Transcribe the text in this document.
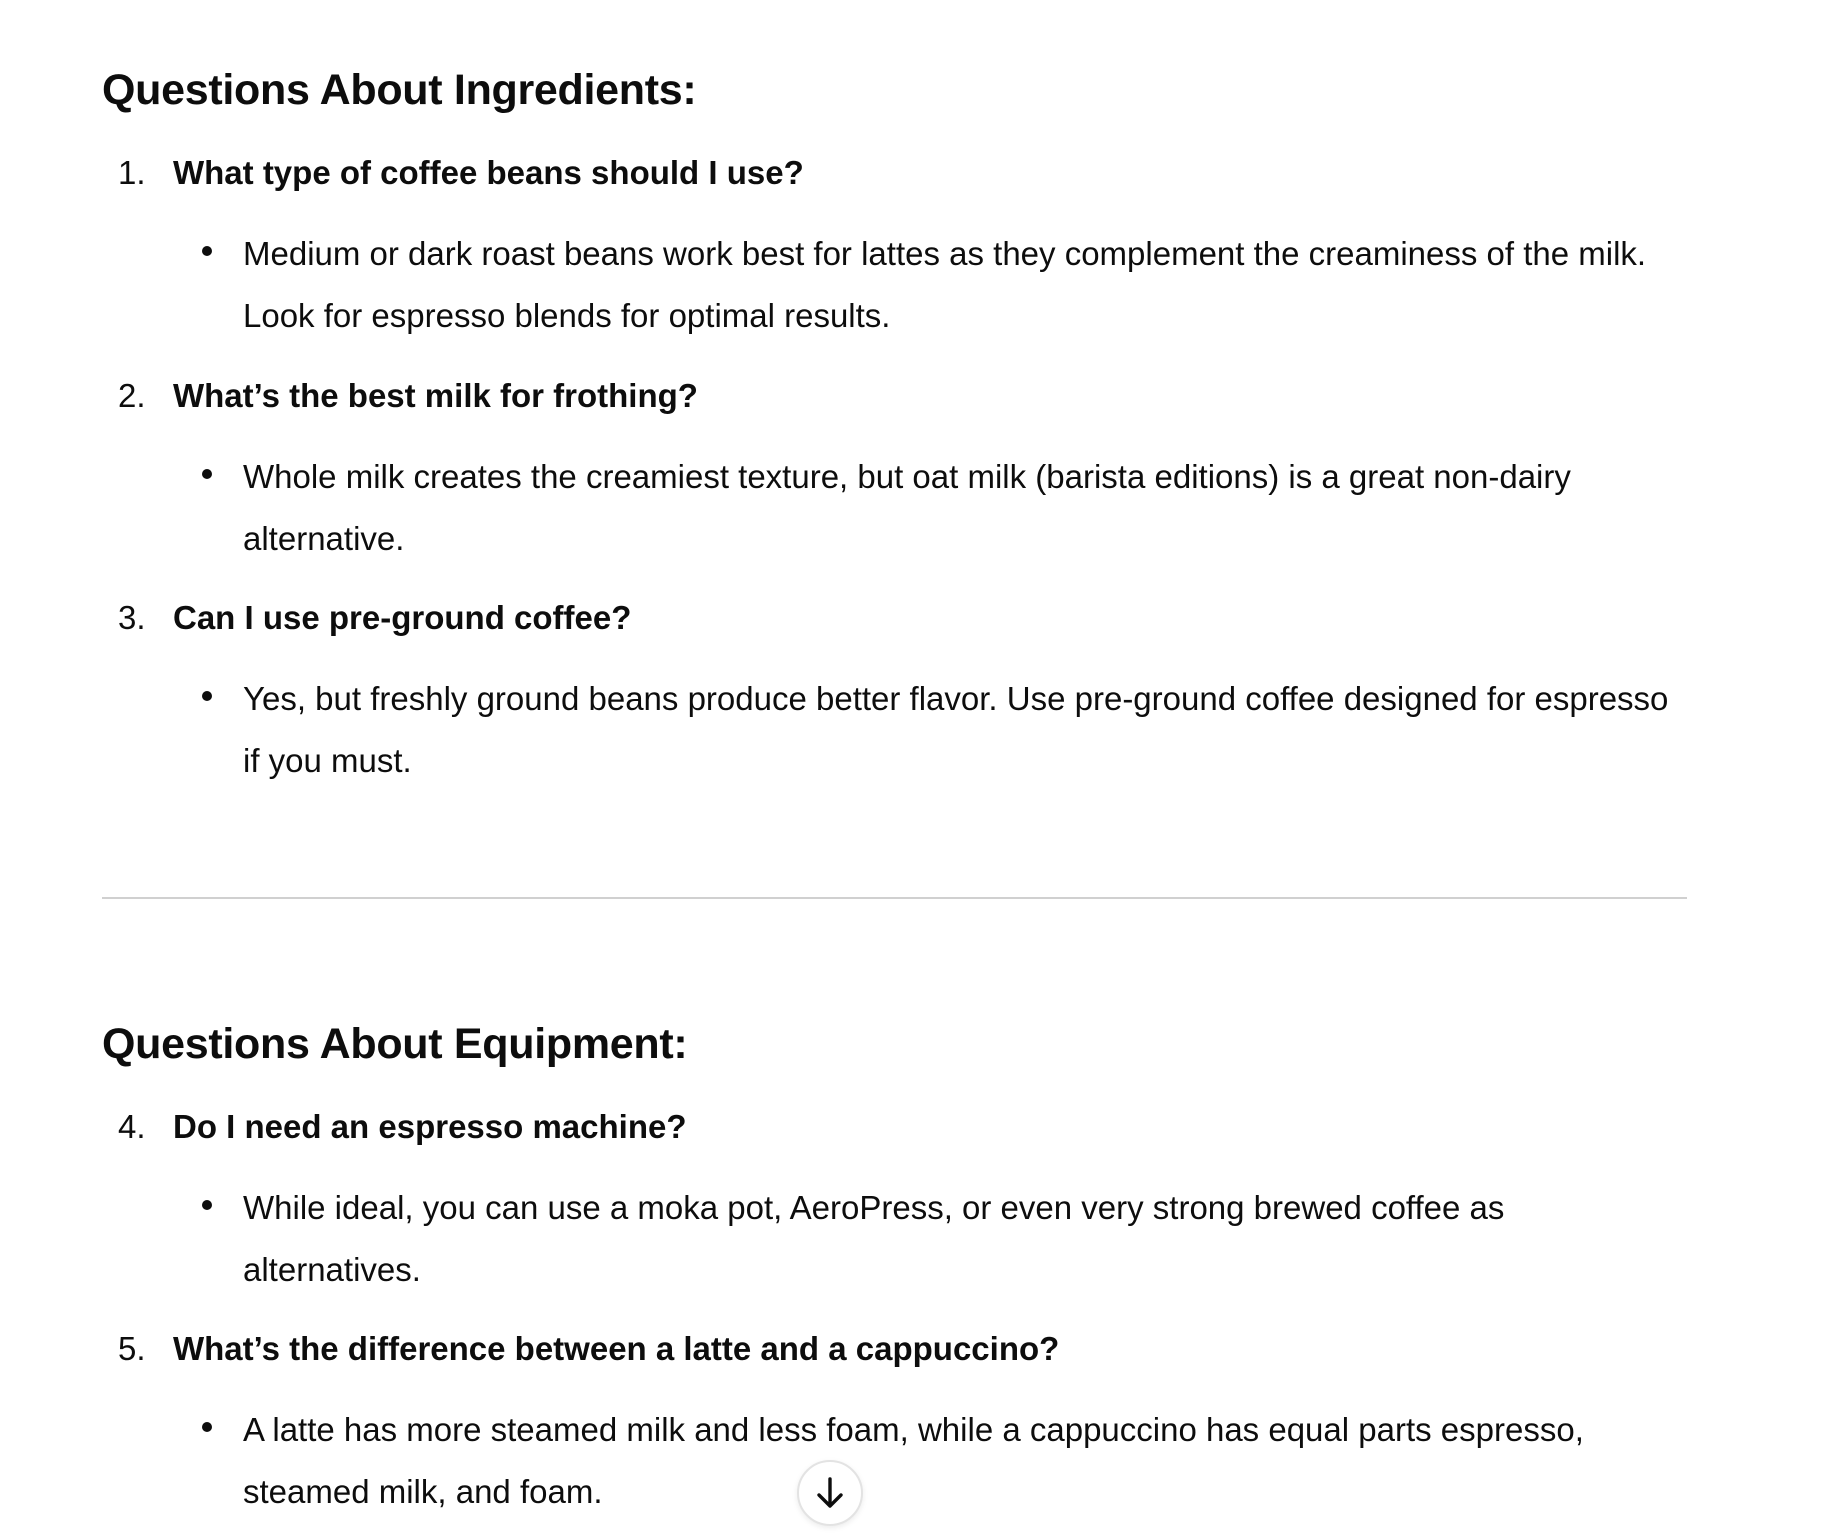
Questions About Ingredients:
1. What type of coffee beans should I use?
Medium or dark roast beans work best for lattes as they complement the creaminess of the milk. Look for espresso blends for optimal results.
2. What’s the best milk for frothing?
Whole milk creates the creamiest texture, but oat milk (barista editions) is a great non-dairy alternative.
3. Can I use pre-ground coffee?
Yes, but freshly ground beans produce better flavor. Use pre-ground coffee designed for espresso if you must.
Questions About Equipment:
4. Do I need an espresso machine?
While ideal, you can use a moka pot, AeroPress, or even very strong brewed coffee as alternatives.
5. What’s the difference between a latte and a cappuccino?
A latte has more steamed milk and less foam, while a cappuccino has equal parts espresso, steamed milk, and foam.
